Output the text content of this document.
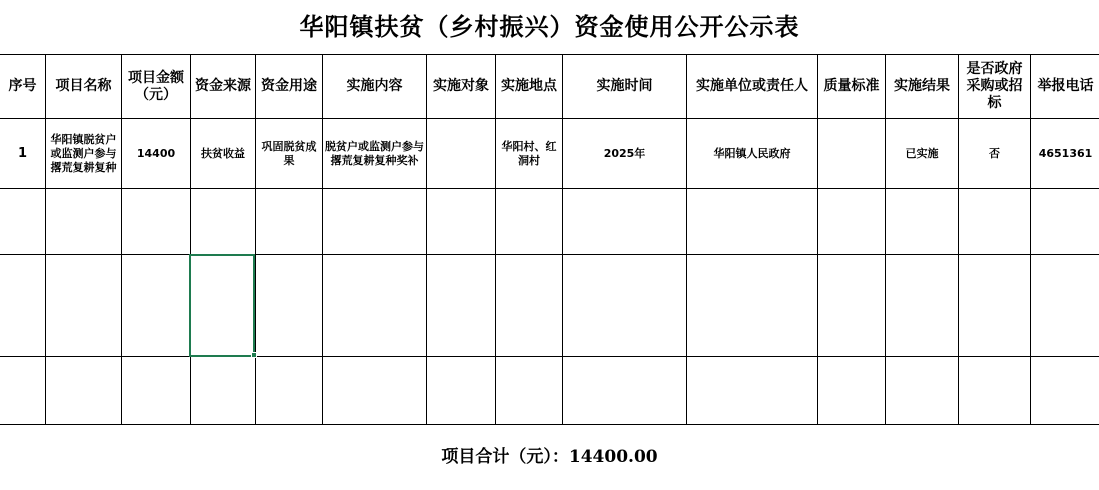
华阳镇扶贫（乡村振兴）资金使用公开公示表
序号	项目名称	项目金额（元）	资金来源	资金用途	实施内容	实施对象	实施地点	实施时间	实施单位或责任人	质量标准	实施结果	是否政府采购或招标	举报电话
1	华阳镇脱贫户或监测户参与撂荒复耕复种	14400	扶贫收益	巩固脱贫成果	脱贫户或监测户参与撂荒复耕复种奖补		华阳村、红洞村	2025年	华阳镇人民政府		已实施	否	4651361

项目合计（元）：14400.00
